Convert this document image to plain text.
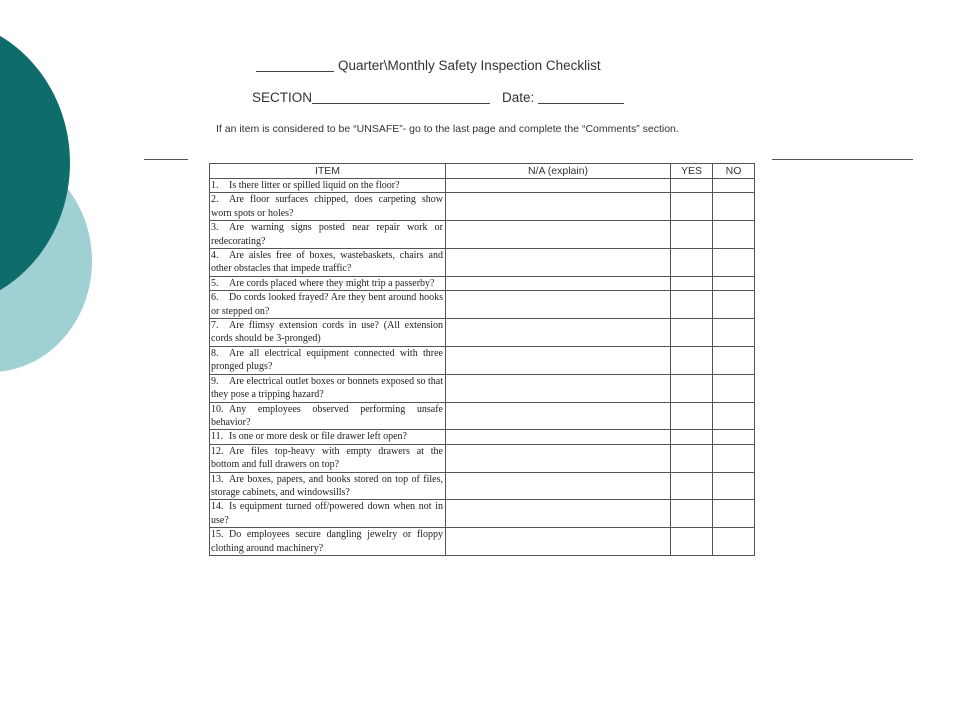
Quarter\Monthly Safety Inspection Checklist
SECTION	Date:
If an item is considered to be “UNSAFE”- go to the last page and complete the “Comments” section.
ITEM	N/A (explain)	YES	NO
1. Is there litter or spilled liquid on the floor?			
2. Are floor surfaces chipped, does carpeting show worn spots or holes?			
3. Are warning signs posted near repair work or redecorating?			
4. Are aisles free of boxes, wastebaskets, chairs and other obstacles that impede traffic?			
5. Are cords placed where they might trip a passerby?			
6. Do cords looked frayed? Are they bent around hooks or stepped on?			
7. Are flimsy extension cords in use? (All extension cords should be 3-pronged)			
8. Are all electrical equipment connected with three pronged plugs?			
9. Are electrical outlet boxes or bonnets exposed so that they pose a tripping hazard?			
10. Any employees observed performing unsafe behavior?			
11. Is one or more desk or file drawer left open?			
12. Are files top-heavy with empty drawers at the bottom and full drawers on top?			
13. Are boxes, papers, and books stored on top of files, storage cabinets, and windowsills?			
14. Is equipment turned off/powered down when not in use?			
15. Do employees secure dangling jewelry or floppy clothing around machinery?			
